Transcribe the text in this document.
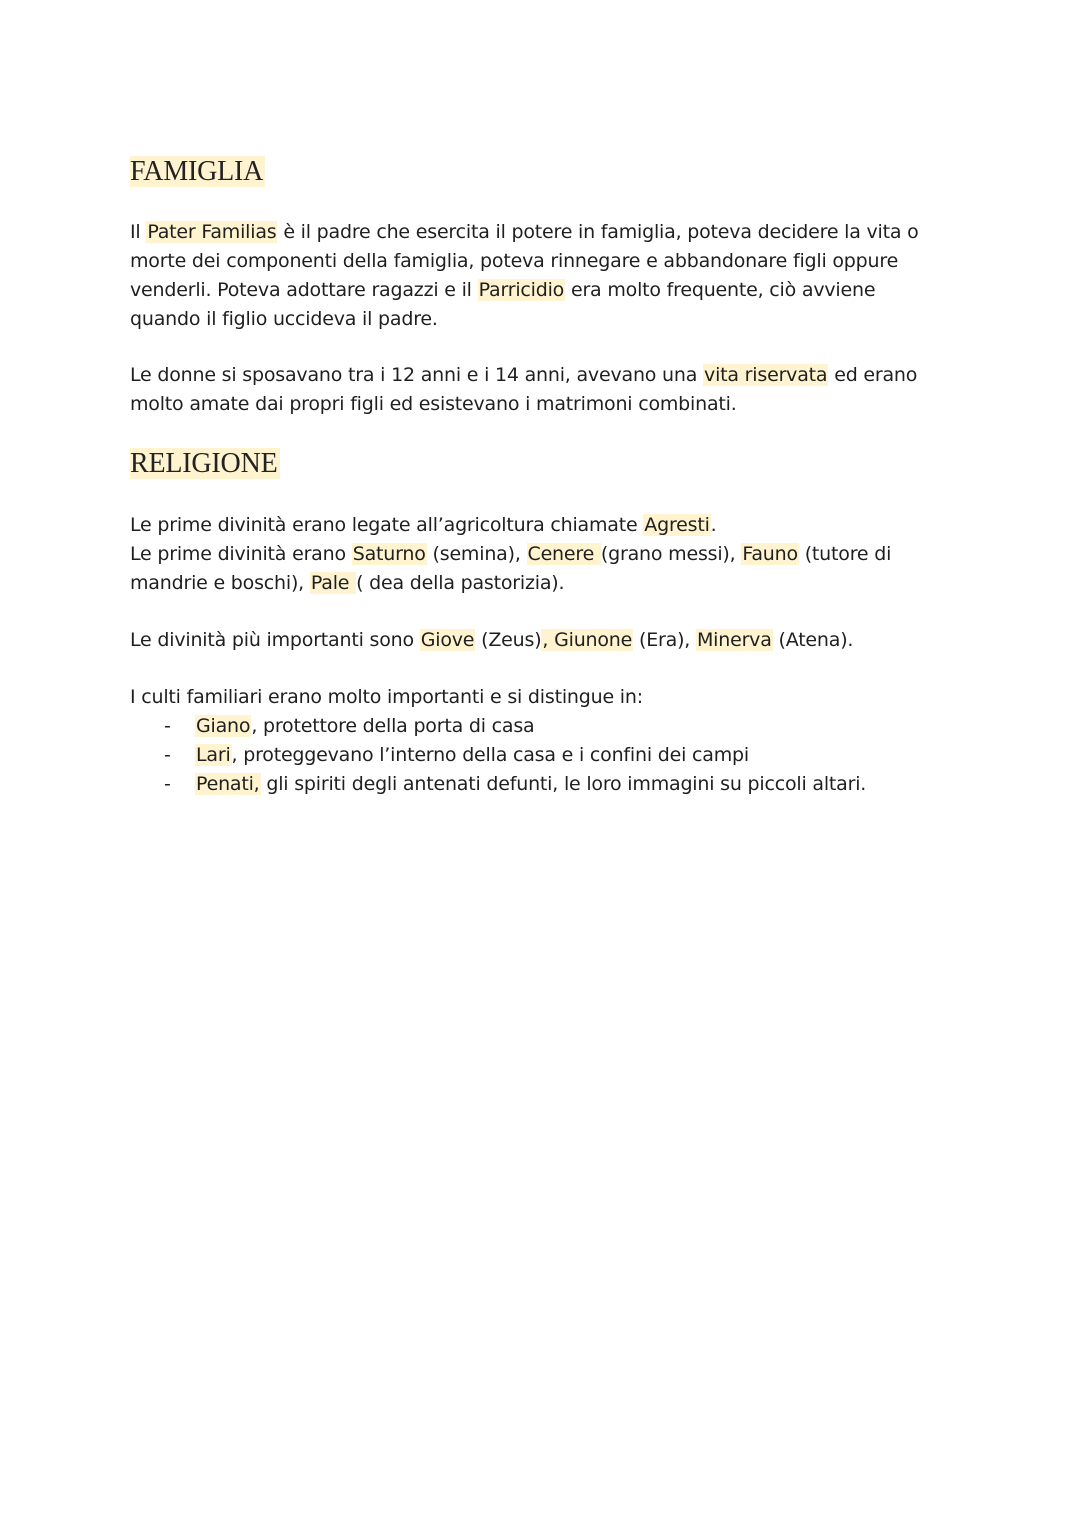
FAMIGLIA

Il Pater Familias è il padre che esercita il potere in famiglia, poteva decidere la vita o morte dei componenti della famiglia, poteva rinnegare e abbandonare figli oppure venderli. Poteva adottare ragazzi e il Parricidio era molto frequente, ciò avviene quando il figlio uccideva il padre.

Le donne si sposavano tra i 12 anni e i 14 anni, avevano una vita riservata ed erano molto amate dai propri figli ed esistevano i matrimoni combinati.

RELIGIONE

Le prime divinità erano legate all’agricoltura chiamate Agresti.

Le prime divinità erano Saturno (semina), Cenere (grano messi), Fauno (tutore di mandrie e boschi), Pale ( dea della pastorizia).

Le divinità più importanti sono Giove (Zeus), Giunone (Era), Minerva (Atena).

I culti familiari erano molto importanti e si distingue in:

- Giano, protettore della porta di casa
- Lari, proteggevano l’interno della casa e i confini dei campi
- Penati, gli spiriti degli antenati defunti, le loro immagini su piccoli altari.
